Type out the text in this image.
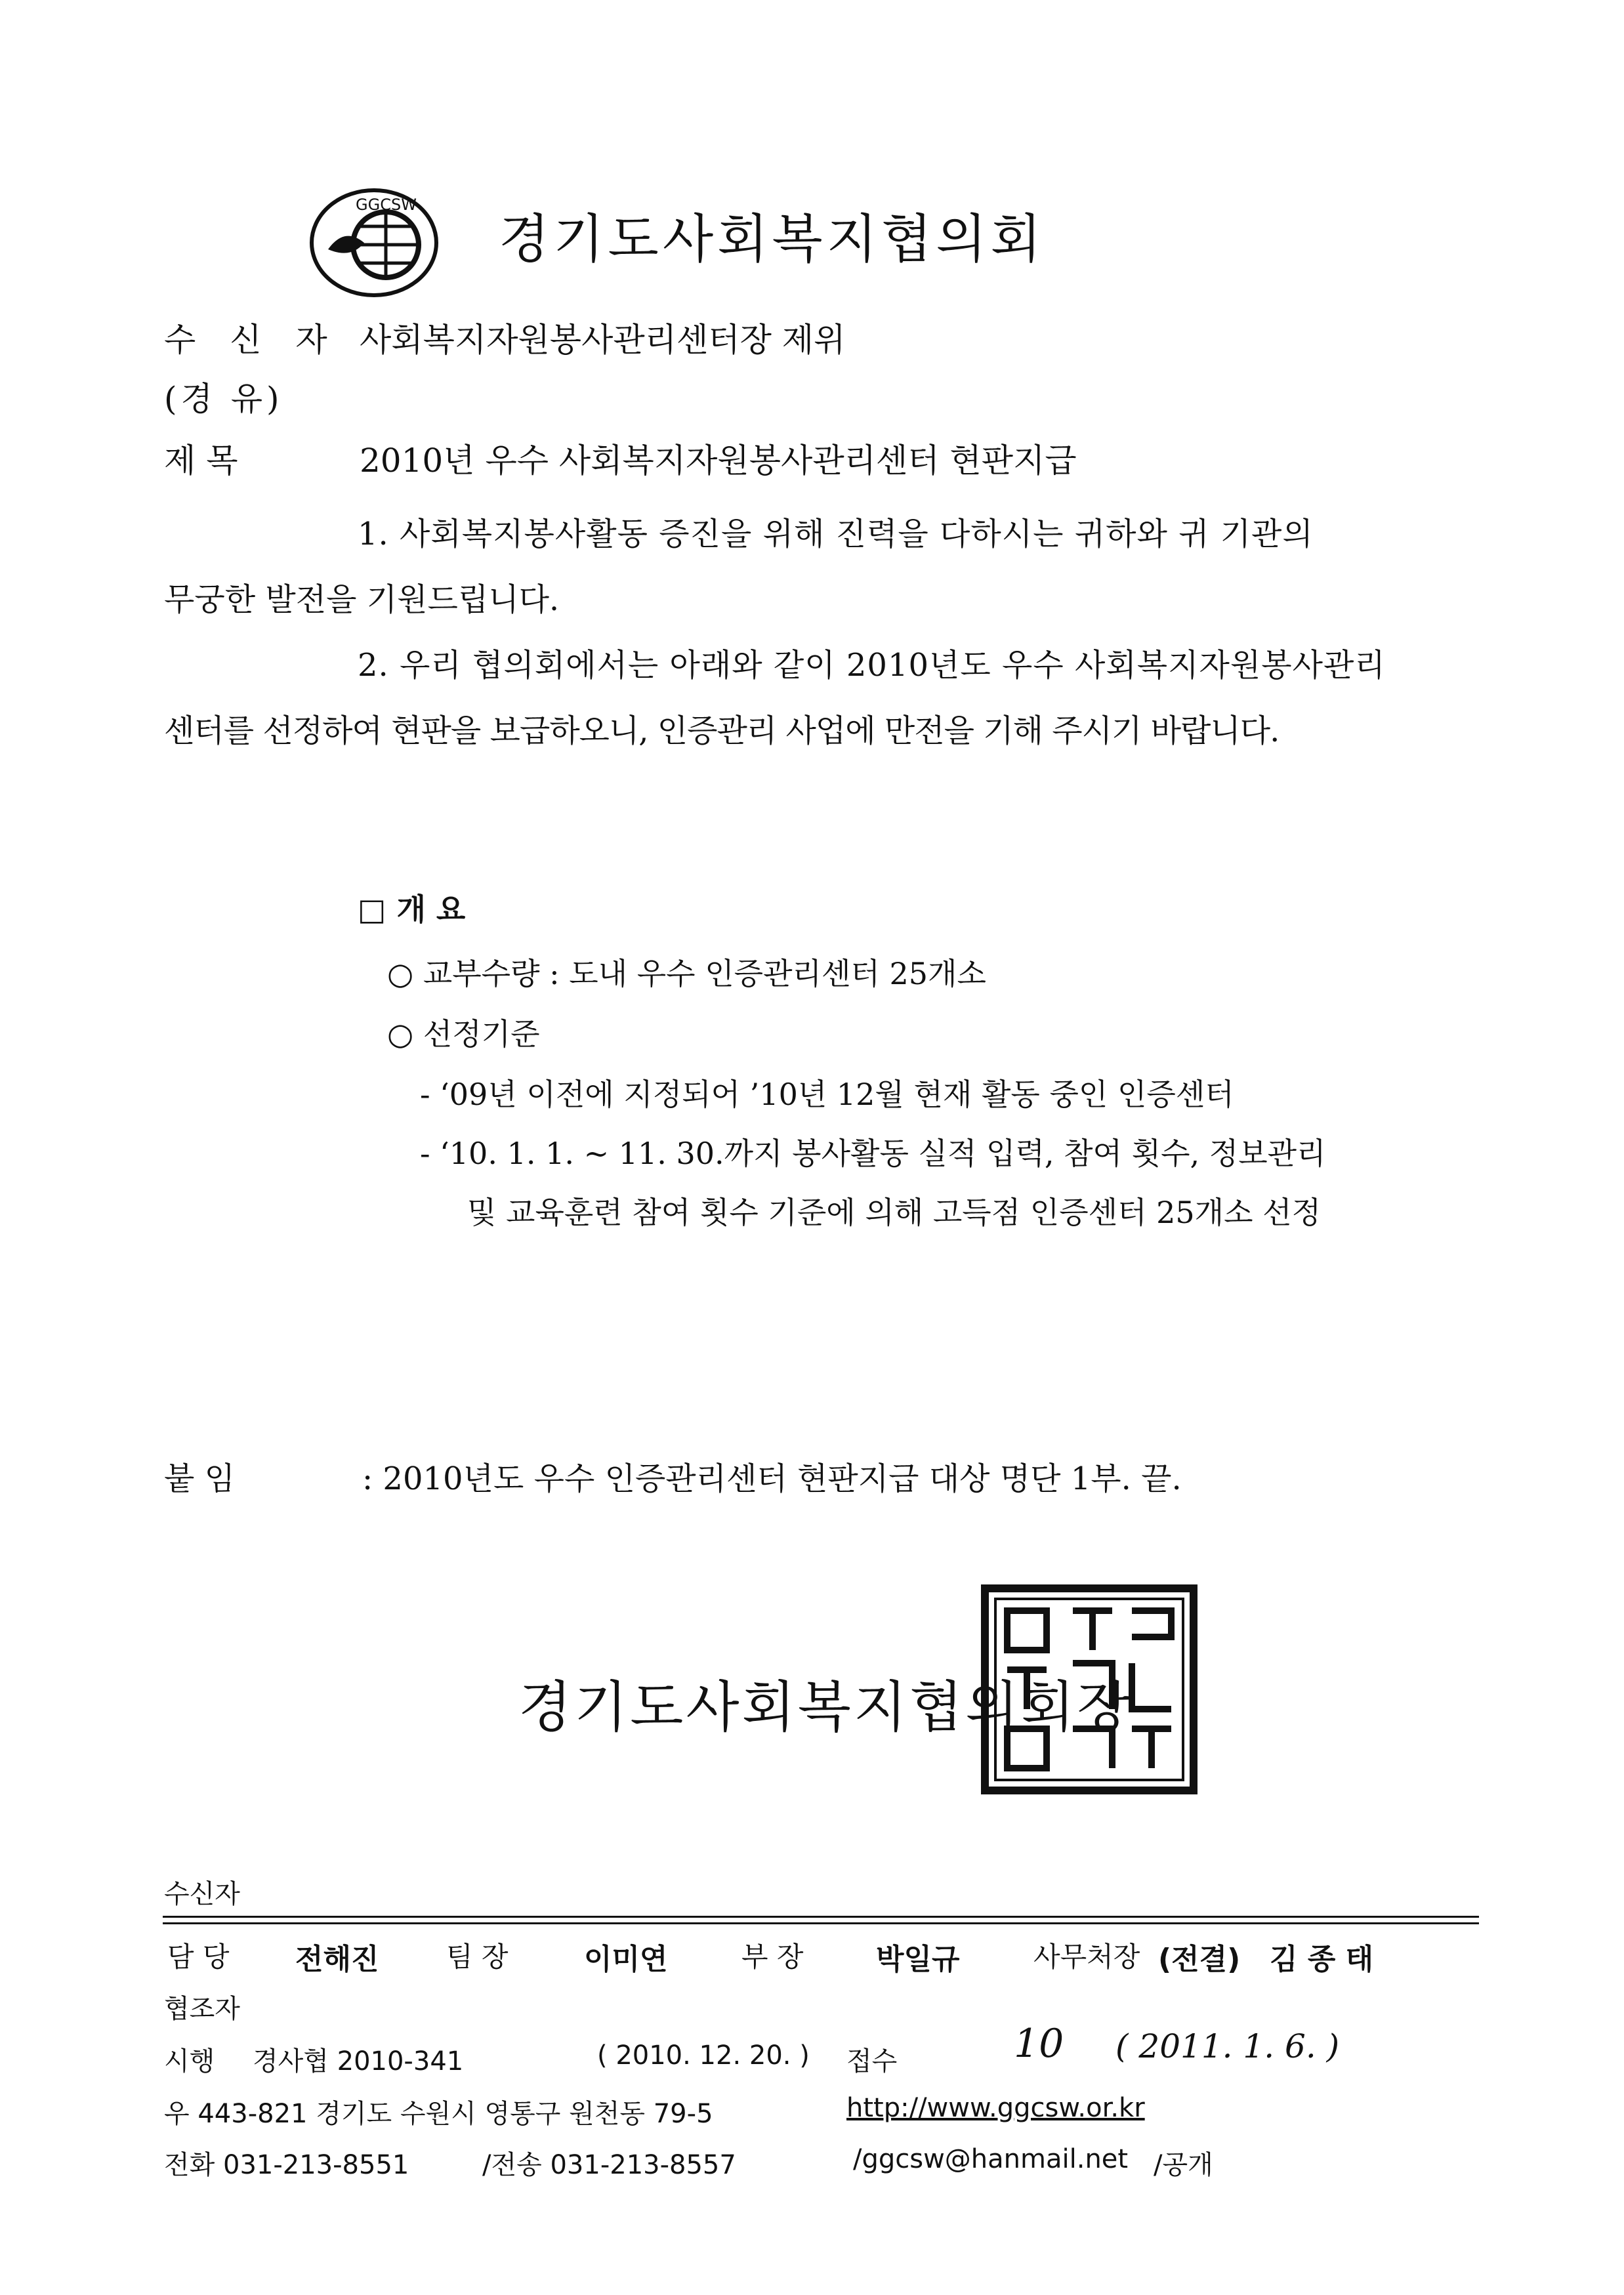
GGCSW
경기도사회복지협의회
수 신 자 사회복지자원봉사관리센터장 제위
(경 유)
제 목	2010년 우수 사회복지자원봉사관리센터 현판지급
1. 사회복지봉사활동 증진을 위해 진력을 다하시는 귀하와 귀 기관의
무궁한 발전을 기원드립니다.
2. 우리 협의회에서는 아래와 같이 2010년도 우수 사회복지자원봉사관리
센터를 선정하여 현판을 보급하오니, 인증관리 사업에 만전을 기해 주시기 바랍니다.
□ 개 요
○ 교부수량 : 도내 우수 인증관리센터 25개소
○ 선정기준
- ‘09년 이전에 지정되어 ’10년 12월 현재 활동 중인 인증센터
- ‘10. 1. 1. ~ 11. 30.까지 봉사활동 실적 입력, 참여 횟수, 정보관리
및 교육훈련 참여 횟수 기준에 의해 고득점 인증센터 25개소 선정
붙 임	: 2010년도 우수 인증관리센터 현판지급 대상 명단 1부. 끝.
경기도사회복지협의회장
수신자
담 당 전해진 팀 장	이미연	부 장	박일규	사무처장 (전결) 김 종 태
협조자
시행 경사협 2010-341	( 2010. 12. 20. ) 접수	10 ( 2011. 1. 6. )
우 443-821 경기도 수원시 영통구 원천동 79-5	http://www.ggcsw.or.kr
전화 031-213-8551	/전송 031-213-8557	/ggcsw@hanmail.net /공개
